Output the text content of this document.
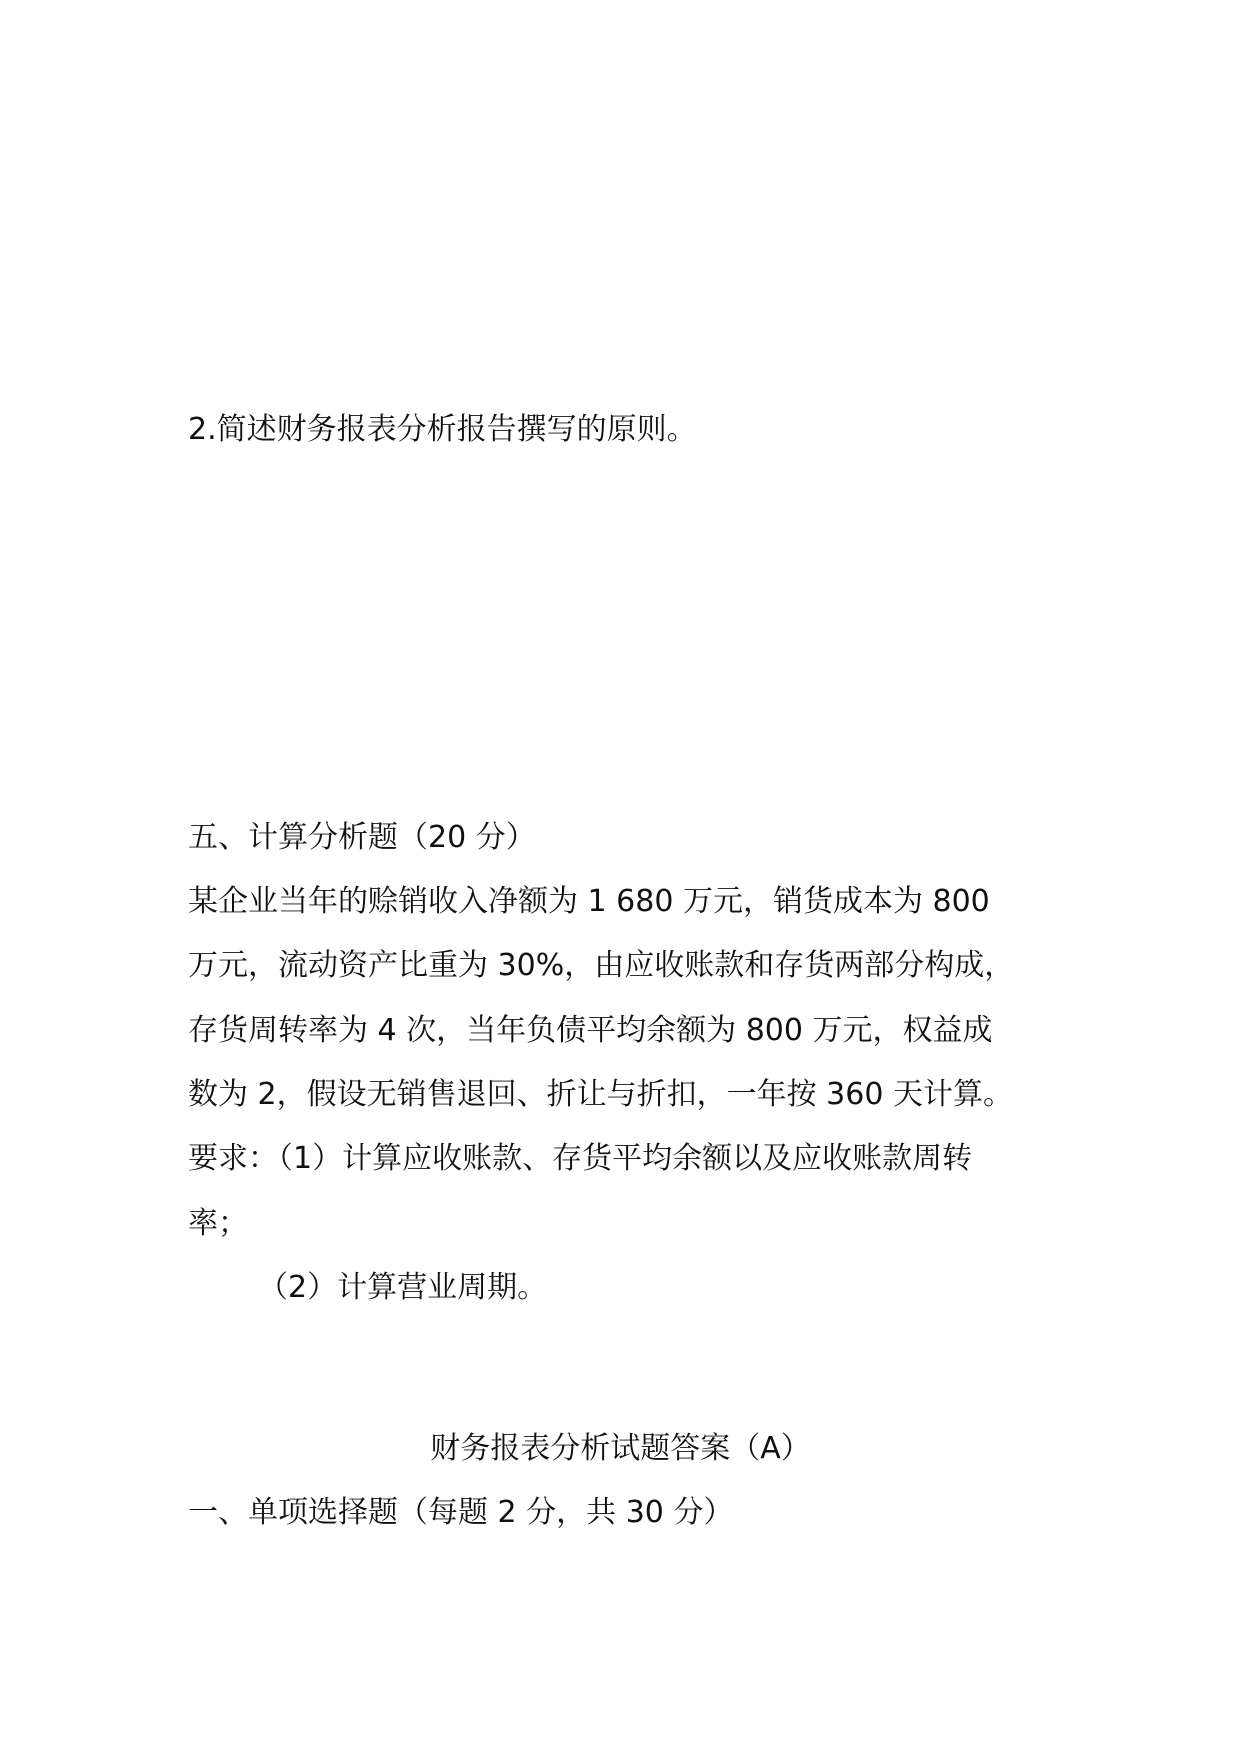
2.简述财务报表分析报告撰写的原则。

五、计算分析题（20 分）

某企业当年的赊销收入净额为 1 680 万元，销货成本为 800

万元，流动资产比重为 30%，由应收账款和存货两部分构成，

存货周转率为 4 次，当年负债平均余额为 800 万元，权益成

数为 2，假设无销售退回、折让与折扣，一年按 360 天计算。

要求：（1）计算应收账款、存货平均余额以及应收账款周转

率；

（2）计算营业周期。

财务报表分析试题答案（A）
一、单项选择题（每题 2 分，共 30 分）
